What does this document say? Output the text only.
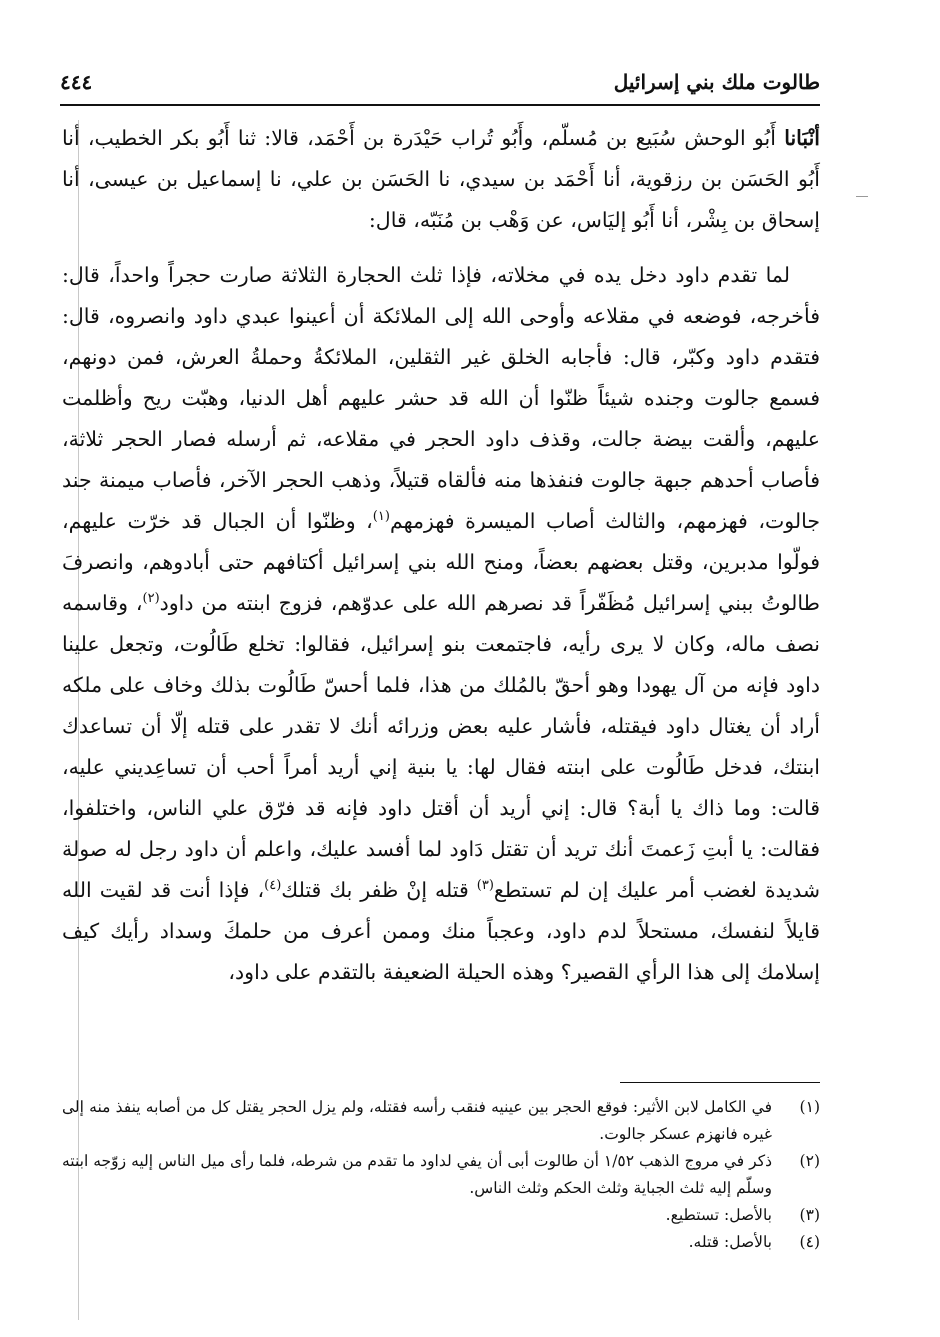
طالوت ملك بني إسرائيل
٤٤٤

أنْبَانا أَبُو الوحش سُبَيع بن مُسلّم، وأَبُو تُراب حَيْدَرة بن أَحْمَد، قالا: ثنا أَبُو بكر الخطيب، أنا أَبُو الحَسَن بن رزقوية، أنا أَحْمَد بن سيدي، نا الحَسَن بن علي، نا إسماعيل بن عيسى، أنا إسحاق بن بِشْر، أنا أَبُو إليَاس، عن وَهْب بن مُنَبّه، قال:

لما تقدم داود دخل يده في مخلاته، فإذا ثلث الحجارة الثلاثة صارت حجراً واحداً، قال: فأخرجه، فوضعه في مقلاعه وأوحى الله إلى الملائكة أن أعينوا عبدي داود وانصروه، قال: فتقدم داود وكبّر، قال: فأجابه الخلق غير الثقلين، الملائكةُ وحملةُ العرش، فمن دونهم، فسمع جالوت وجنده شيئاً ظنّوا أن الله قد حشر عليهم أهل الدنيا، وهبّت ريح وأظلمت عليهم، وألقت بيضة جالت، وقذف داود الحجر في مقلاعه، ثم أرسله فصار الحجر ثلاثة، فأصاب أحدهم جبهة جالوت فنفذها منه فألقاه قتيلاً، وذهب الحجر الآخر، فأصاب ميمنة جند جالوت، فهزمهم، والثالث أصاب الميسرة فهزمهم$^{(١)}$، وظنّوا أن الجبال قد خرّت عليهم، فولّوا مدبرين، وقتل بعضهم بعضاً، ومنح الله بني إسرائيل أكتافهم حتى أبادوهم، وانصرفَ طالوتُ ببني إسرائيل مُظَفّراً قد نصرهم الله على عدوّهم، فزوج ابنته من داود$^{(٢)}$، وقاسمه نصف ماله، وكان لا يرى رأيه، فاجتمعت بنو إسرائيل، فقالوا: تخلع طَالُوت، وتجعل علينا داود فإنه من آل يهودا وهو أحقّ بالمُلك من هذا، فلما أحسّ طَالُوت بذلك وخاف على ملكه أراد أن يغتال داود فيقتله، فأشار عليه بعض وزرائه أنك لا تقدر على قتله إلّا أن تساعدك ابنتك، فدخل طَالُوت على ابنته فقال لها: يا بنية إني أريد أمراً أحب أن تساعِديني عليه، قالت: وما ذاك يا أبة؟ قال: إني أريد أن أقتل داود فإنه قد فرّق علي الناس، واختلفوا، فقالت: يا أبتِ زَعمتَ أنك تريد أن تقتل دَاود لما أفسد عليك، واعلم أن داود رجل له صولة شديدة لغضب أمر عليك إن لم تستطع$^{(٣)}$ قتله إنْ ظفر بك قتلك$^{(٤)}$، فإذا أنت قد لقيت الله قايلاً لنفسك، مستحلاً لدم داود، وعجباً منك وممن أعرف من حلمكَ وسداد رأيك كيف إسلامك إلى هذا الرأي القصير؟ وهذه الحيلة الضعيفة بالتقدم على داود،

(١)
في الكامل لابن الأثير: فوقع الحجر بين عينيه فنقب رأسه فقتله، ولم يزل الحجر يقتل كل من أصابه ينفذ منه إلى غيره فانهزم عسكر جالوت.
(٢)
ذكر في مروج الذهب ١/٥٢ أن طالوت أبى أن يفي لداود ما تقدم من شرطه، فلما رأى ميل الناس إليه زوّجه ابنته وسلّم إليه ثلث الجباية وثلث الحكم وثلث الناس.
(٣)
بالأصل: تستطيع.
(٤)
بالأصل: قتله.
